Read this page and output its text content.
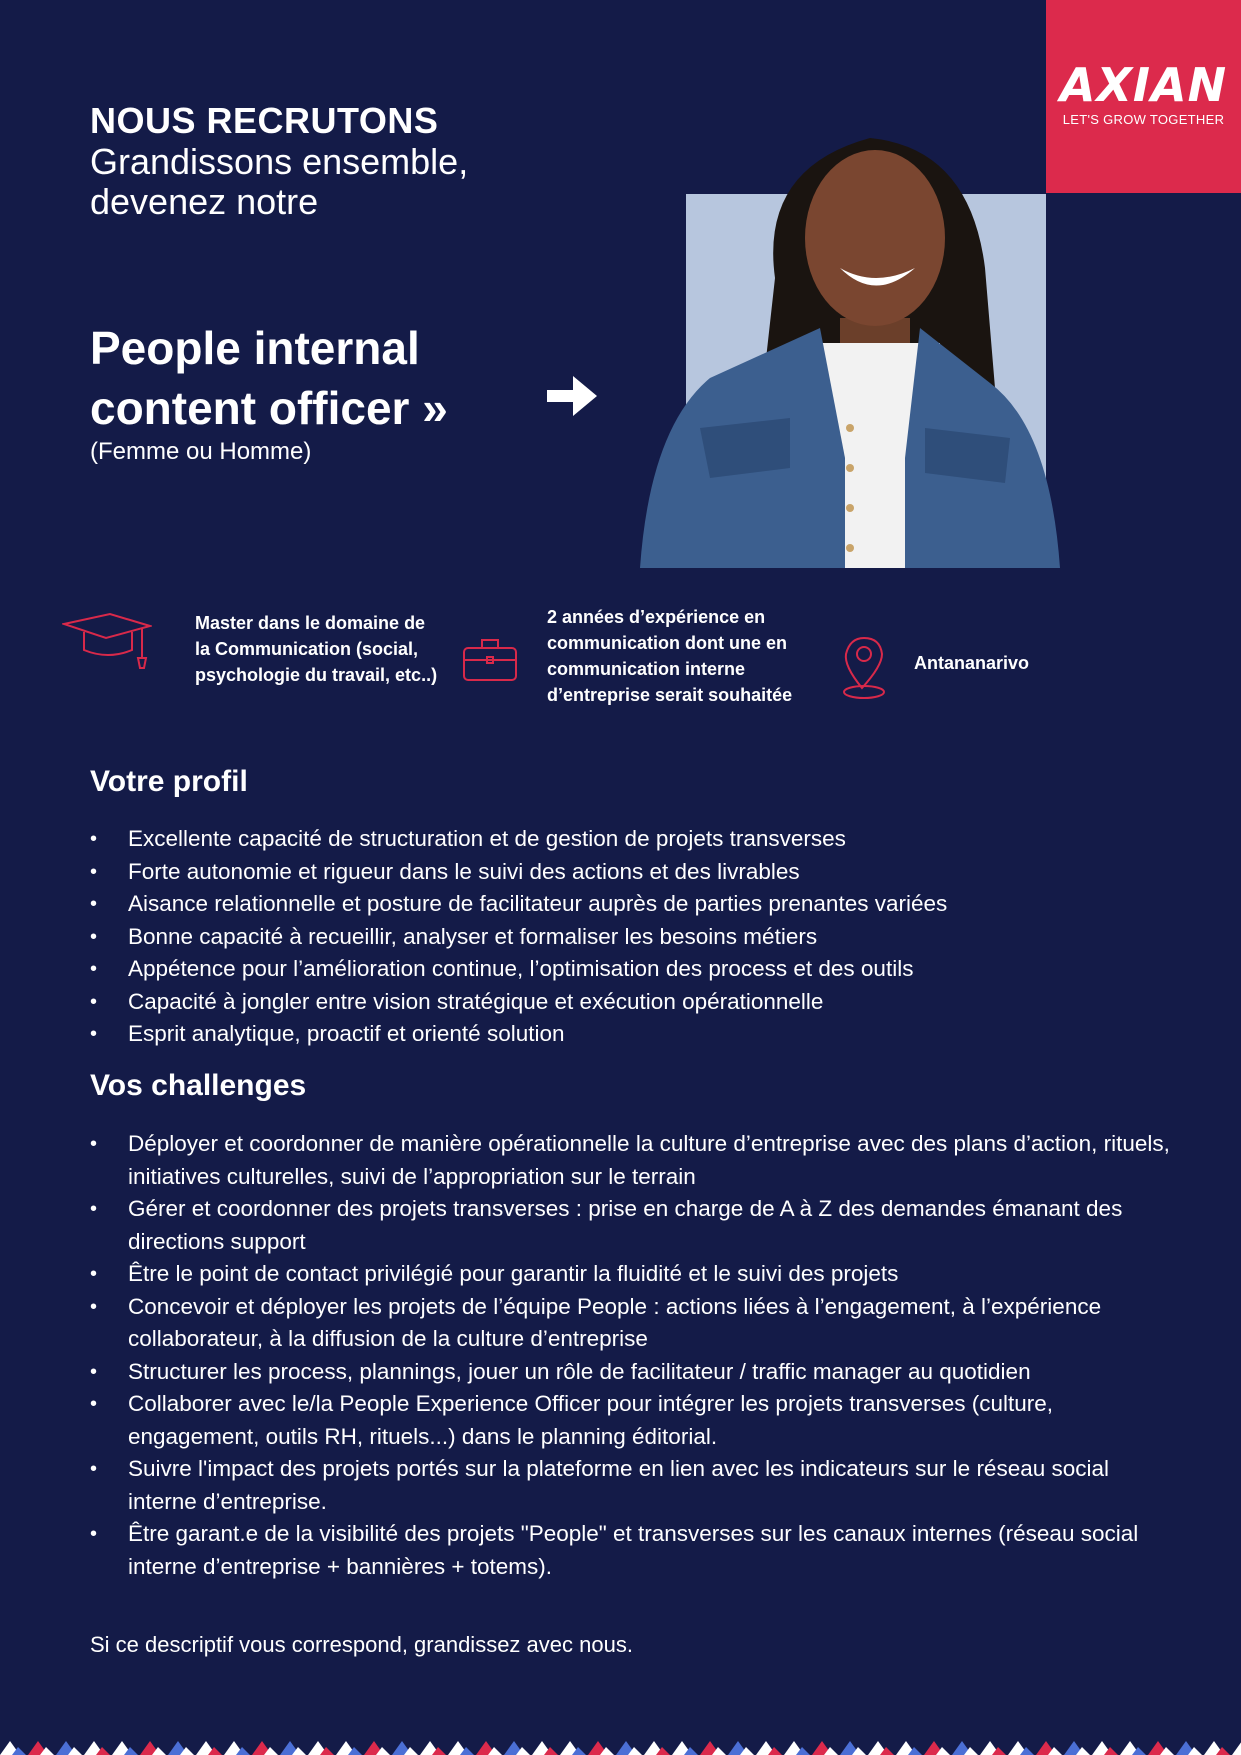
AXIAN
LET'S GROW TOGETHER
NOUS RECRUTONS
Grandissons ensemble,
devenez notre
People internal
content officer »
(Femme ou Homme)
Master dans le domaine de la Communication (social, psychologie du travail, etc..)
2 années d’expérience en communication dont une en communication interne d’entreprise serait souhaitée
Antananarivo
Votre profil
• Excellente capacité de structuration et de gestion de projets transverses
• Forte autonomie et rigueur dans le suivi des actions et des livrables
• Aisance relationnelle et posture de facilitateur auprès de parties prenantes variées
• Bonne capacité à recueillir, analyser et formaliser les besoins métiers
• Appétence pour l’amélioration continue, l’optimisation des process et des outils
• Capacité à jongler entre vision stratégique et exécution opérationnelle
• Esprit analytique, proactif et orienté solution
Vos challenges
• Déployer et coordonner de manière opérationnelle la culture d’entreprise avec des plans d’action, rituels, initiatives culturelles, suivi de l’appropriation sur le terrain
• Gérer et coordonner des projets transverses : prise en charge de A à Z des demandes émanant des directions support
• Être le point de contact privilégié pour garantir la fluidité et le suivi des projets
• Concevoir et déployer les projets de l’équipe People : actions liées à l’engagement, à l’expérience collaborateur, à la diffusion de la culture d’entreprise
• Structurer les process, plannings, jouer un rôle de facilitateur / traffic manager au quotidien
• Collaborer avec le/la People Experience Officer pour intégrer les projets transverses (culture, engagement, outils RH, rituels...) dans le planning éditorial.
• Suivre l'impact des projets portés sur la plateforme en lien avec les indicateurs sur le réseau social interne d’entreprise.
• Être garant.e de la visibilité des projets "People" et transverses sur les canaux internes (réseau social interne d’entreprise + bannières + totems).
Si ce descriptif vous correspond, grandissez avec nous.
